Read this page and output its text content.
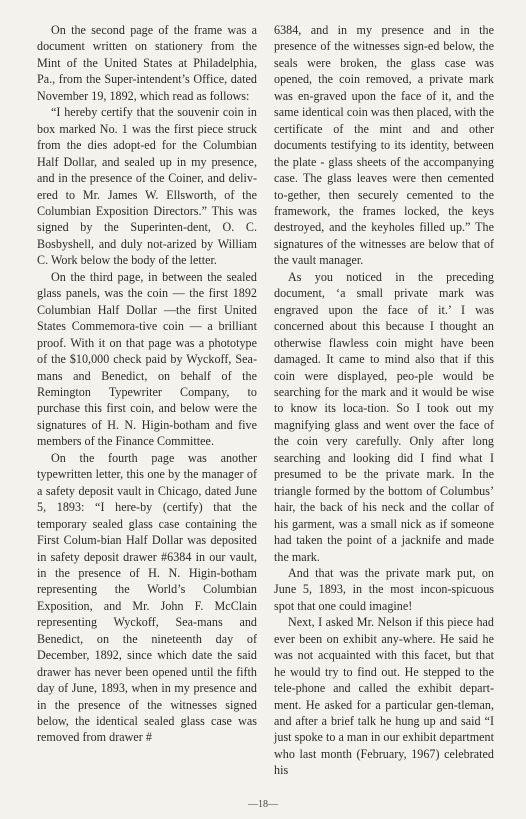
On the second page of the frame was a document written on stationery from the Mint of the United States at Philadelphia, Pa., from the Super-intendent’s Office, dated November 19, 1892, which read as follows:

“I hereby certify that the souvenir coin in box marked No. 1 was the first piece struck from the dies adopt-ed for the Columbian Half Dollar, and sealed up in my presence, and in the presence of the Coiner, and deliv-ered to Mr. James W. Ellsworth, of the Columbian Exposition Directors.” This was signed by the Superinten-dent, O. C. Bosbyshell, and duly not-arized by William C. Work below the body of the letter.

On the third page, in between the sealed glass panels, was the coin — the first 1892 Columbian Half Dollar —the first United States Commemora-tive coin — a brilliant proof. With it on that page was a phototype of the $10,000 check paid by Wyckoff, Sea-mans and Benedict, on behalf of the Remington Typewriter Company, to purchase this first coin, and below were the signatures of H. N. Higin-botham and five members of the Finance Committee.

On the fourth page was another typewritten letter, this one by the manager of a safety deposit vault in Chicago, dated June 5, 1893: “I here-by (certify) that the temporary sealed glass case containing the First Colum-bian Half Dollar was deposited in safety deposit drawer #6384 in our vault, in the presence of H. N. Higin-botham representing the World’s Columbian Exposition, and Mr. John F. McClain representing Wyckoff, Sea-mans and Benedict, on the nineteenth day of December, 1892, since which date the said drawer has never been opened until the fifth day of June, 1893, when in my presence and in the presence of the witnesses signed below, the identical sealed glass case was removed from drawer #

6384, and in my presence and in the presence of the witnesses sign-ed below, the seals were broken, the glass case was opened, the coin removed, a private mark was en-graved upon the face of it, and the same identical coin was then placed, with the certificate of the mint and and other documents testifying to its identity, between the plate - glass sheets of the accompanying case. The glass leaves were then cemented to-gether, then securely cemented to the framework, the frames locked, the keys destroyed, and the keyholes filled up.” The signatures of the witnesses are below that of the vault manager.

As you noticed in the preceding document, ‘a small private mark was engraved upon the face of it.’ I was concerned about this because I thought an otherwise flawless coin might have been damaged. It came to mind also that if this coin were displayed, peo-ple would be searching for the mark and it would be wise to know its loca-tion. So I took out my magnifying glass and went over the face of the coin very carefully. Only after long searching and looking did I find what I presumed to be the private mark. In the triangle formed by the bottom of Columbus’ hair, the back of his neck and the collar of his garment, was a small nick as if someone had taken the point of a jacknife and made the mark.

And that was the private mark put, on June 5, 1893, in the most incon-spicuous spot that one could imagine!

Next, I asked Mr. Nelson if this piece had ever been on exhibit any-where. He said he was not acquainted with this facet, but that he would try to find out. He stepped to the tele-phone and called the exhibit depart-ment. He asked for a particular gen-tleman, and after a brief talk he hung up and said “I just spoke to a man in our exhibit department who last month (February, 1967) celebrated his

—18—
